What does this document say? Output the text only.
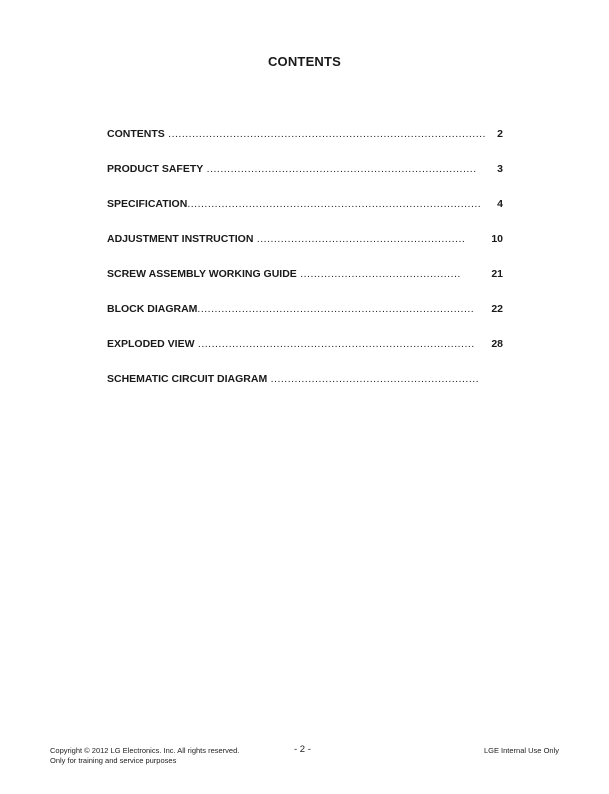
CONTENTS
CONTENTS .............................................................................................	2
PRODUCT SAFETY ...............................................................................	3
SPECIFICATION......................................................................................	4
ADJUSTMENT INSTRUCTION .............................................................	10
SCREW ASSEMBLY WORKING GUIDE ...............................................	21
BLOCK DIAGRAM.................................................................................	22
EXPLODED VIEW .................................................................................	28
SCHEMATIC CIRCUIT DIAGRAM .............................................................
Copyright © 2012 LG Electronics. Inc. All rights reserved.
Only for training and service purposes
- 2 -	LGE Internal Use Only
